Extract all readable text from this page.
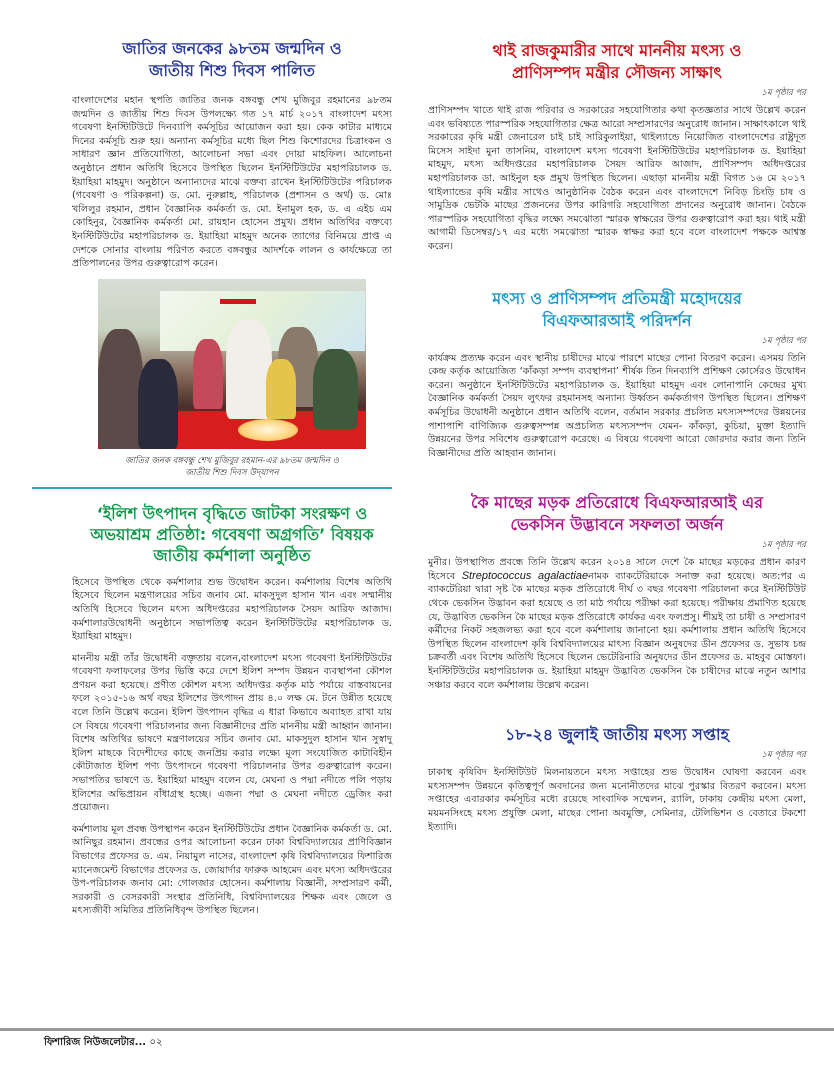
জাতির জনকের ৯৮তম জন্মদিন ও
জাতীয় শিশু দিবস পালিত

বাংলাদেশের মহান স্থপতি জাতির জনক বঙ্গবন্ধু শেখ মুজিবুর রহমানের ৯৮তম জন্মদিন ও জাতীয় শিশু দিবস উপলক্ষ্যে গত ১৭ মার্চ ২০১৭ বাংলাদেশ মৎস্য গবেষণা ইনস্টিটিউটে দিনব্যাপি কর্মসূচির আয়োজন করা হয়। কেক কাটার মাধ্যমে দিনের কর্মসূচি শুরু হয়। অন্যান্য কর্মসূচির মধ্যে ছিল শিশু কিশোরদের চিত্রাংকন ও সাধারণ জ্ঞান প্রতিযোগিতা, আলোচনা সভা এবং দোয়া মাহফিল। আলোচনা অনুষ্ঠানে প্রধান অতিথি হিসেবে উপস্থিত ছিলেন ইনস্টিটিউটের মহাপরিচালক ড. ইয়াহিয়া মাহমুদ। অনুষ্ঠানে অন্যান্যদের মাঝে বক্তব্য রাখেন ইনস্টিটিউটের পরিচালক (গবেষণা ও পরিকল্পনা) ড. মো. নুরুল্লাহ, পরিচালক (প্রশাসন ও অর্থ) ড. মোঃ খলিলুর রহমান, প্রধান বৈজ্ঞানিক কর্মকর্তা ড. মো. ইনামুল হক, ড. এ এইচ এম কোহিনুর, বৈজ্ঞানিক কর্মকর্তা মো. রায়হান হোসেন প্রমুখ। প্রধান অতিথির বক্তব্যে ইনস্টিটিউটের মহাপরিচালক ড. ইয়াহিয়া মাহমুদ অনেক ত্যাগের বিনিময়ে প্রাপ্ত এ দেশকে সোনার বাংলায় পরিণত করতে বঙ্গবন্ধুর আদর্শকে লালন ও কার্যক্ষেত্রে তা প্রতিপালনের উপর গুরুত্বারোপ করেন।

জাতির জনক বঙ্গবন্ধু শেখ মুজিবুর রহমান-এর ৯৮তম জন্মদিন ও
জাতীয় শিশু দিবস উদ্‌যাপন
‘ইলিশ উৎপাদন বৃদ্ধিতে জাটকা সংরক্ষণ ও
অভয়াশ্রম প্রতিষ্ঠা: গবেষণা অগ্রগতি’ বিষয়ক
জাতীয় কর্মশালা অনুষ্ঠিত

হিসেবে উপস্থিত থেকে কর্মশালার শুভ উদ্বোধন করেন। কর্মশালায় বিশেষ অতিথি হিসেবে ছিলেন মন্ত্রণালয়ের সচিব জনাব মো. মাকসুদুল হাসান খান এবং সম্মানীয় অতিথি হিসেবে ছিলেন মৎস্য অধিদপ্তরের মহাপরিচালক সৈয়দ আরিফ আজাদ। কর্মশালারউদ্বোধনী অনুষ্ঠানে সভাপতিত্ব করেন ইনস্টিটিউটের মহাপরিচালক ড. ইয়াহিয়া মাহমুদ।

মাননীয় মন্ত্রী তাঁর উদ্বোধনী বক্তৃতায় বলেন,বাংলাদেশ মৎস্য গবেষণা ইনস্টিটিউটের গবেষণা ফলাফলের উপর ভিত্তি করে দেশে ইলিশ সম্পদ উন্নয়ন ব্যবস্থাপনা কৌশল প্রণয়ন করা হয়েছে। প্রণীত কৌশল মৎস্য অধিদপ্তর কর্তৃক মাঠ পর্যায়ে বাস্তবায়নের ফলে ২০১৫-১৬ অর্থ বছর ইলিশের উৎপাদন প্রায় ৪.০ লক্ষ মে. টনে উন্নীত হয়েছে বলে তিনি উল্লেখ করেন। ইলিশ উৎপাদন বৃদ্ধির এ ধারা কিভাবে অব্যাহত রাখা যায় সে বিষয়ে গবেষণা পরিচালনার জন্য বিজ্ঞানীদের প্রতি মাননীয় মন্ত্রী আহ্বান জানান।বিশেষ অতিথির ভাষণে মন্ত্রণালয়ের সচিব জনাব মো. মাকসুদুল হাসান খান সুস্বাদু ইলিশ মাছকে বিদেশীদের কাছে জনপ্রিয় করার লক্ষ্যে মূল্য সংযোজিত কাটাবিহীন কৌটাজাত ইলিশ পণ্য উৎপাদনে গবেষণা পরিচালনার উপর গুরুত্বারোপ করেন। সভাপতির ভাষণে ড. ইয়াহিয়া মাহমুদ বলেন যে, মেঘনা ও পদ্মা নদীতে পলি পড়ায় ইলিশের অভিপ্রায়ন বাঁধাগ্রস্থ হচ্ছে। এজন্য পদ্মা ও মেঘনা নদীতে ড্রেজিং করা প্রয়োজন।

কর্মশালায় মূল প্রবন্ধ উপস্থাপন করেন ইনস্টিটিউটের প্রধান বৈজ্ঞানিক কর্মকর্তা ড. মো. আনিছুর রহমান। প্রবন্ধের ওপর আলোচনা করেন ঢাকা বিশ্ববিদ্যালয়ের প্রাণিবিজ্ঞান বিভাগের প্রফেসর ড. এম. নিয়ামুল নাসের, বাংলাদেশ কৃষি বিশ্ববিদ্যালয়ের ফিশারিজ ম্যানেজমেন্ট বিভাগের প্রফেসর ড. জোয়ার্দার ফারুক আহমেদ এবং মৎস্য অধিদপ্তরের উপ-পরিচালক জনাব মো: গোলজার হোসেন। কর্মশালায় বিজ্ঞানী, সম্প্রসারণ কর্মী, সরকারী ও বেসরকারী সংস্থার প্রতিনিধি, বিশ্ববিদ্যালয়ের শিক্ষক এবং জেলে ও মৎস্যজীবী সমিতির প্রতিনিধিবৃন্দ উপস্থিত ছিলেন।

থাই রাজকুমারীর সাথে মাননীয় মৎস্য ও
প্রাণিসম্পদ মন্ত্রীর সৌজন্য সাক্ষাৎ
১ম পৃষ্ঠার পর

প্রাণিসম্পদ খাতে থাই রাজ পরিবার ও সরকারের সহযোগিতার কথা কৃতজ্ঞতার সাথে উল্লেখ করেন এবং ভবিষ্যতে পারস্পরিক সহযোগিতার ক্ষেত্র আরো সম্প্রসারণের অনুরোধ জানান। সাক্ষাৎকালে থাই সরকারের কৃষি মন্ত্রী জেনারেল চাই চাই সারিকুলাইয়া, থাইল্যান্ডে নিয়োজিত বাংলাদেশের রাষ্ট্রদূত মিসেস সাইদা মুনা তাসনিম, বাংলাদেশ মৎস্য গবেষণা ইনস্টিটিউটের মহাপরিচালক ড. ইয়াহিয়া মাহমুদ, মৎস্য অধিদপ্তরের মহাপরিচালক সৈয়দ আরিফ আজাদ, প্রাণিসম্পদ অধিদপ্তরের মহাপরিচালক ডা. আইনুল হক প্রমুখ উপস্থিত ছিলেন। এছাড়া মাননীয় মন্ত্রী বিগত ১৬ মে ২০১৭ থাইল্যান্ডের কৃষি মন্ত্রীর সাথেও আনুষ্ঠানিক বৈঠক করেন এবং বাংলাদেশে নিবিড় চিংড়ি চাষ ও সামুদ্রিক ভেটকি মাছের প্রজননের উপর কারিগরি সহযোগিতা প্রদানের অনুরোধ জানান। বৈঠকে পারস্পরিক সহযোগিতা বৃদ্ধির লক্ষ্যে সমঝোতা স্মারক স্বাক্ষরের উপর গুরুত্বারোপ করা হয়। থাই মন্ত্রী আগামী ডিসেম্বর/১৭ এর মধ্যে সমঝোতা স্মারক স্বাক্ষর করা হবে বলে বাংলাদেশ পক্ষকে আশ্বস্ত করেন।

মৎস্য ও প্রাণিসম্পদ প্রতিমন্ত্রী মহোদয়ের
বিএফআরআই পরিদর্শন
১ম পৃষ্ঠার পর

কার্যক্রম প্রত্যক্ষ করেন এবং স্থানীয় চাষীদের মাঝে পারশে মাছের পোনা বিতরণ করেন। এসময় তিনি কেন্দ্র কর্তৃক আয়োজিত ‘কাঁকড়া সম্পদ ব্যবস্থাপনা’ শীর্ষক তিন দিনব্যাপি প্রশিক্ষণ কোর্সেরও উদ্বোধন করেন। অনুষ্ঠানে ইনস্টিটিউটের মহাপরিচালক ড. ইয়াহিয়া মাহমুদ এবং লোনাপানি কেন্দ্রের মুখ্য বৈজ্ঞানিক কর্মকর্তা সৈয়দ লুৎফর রহমানসহ অন্যান্য উর্ধ্বতন কর্মকর্তাগণ উপস্থিত ছিলেন। প্রশিক্ষণ কর্মসূচির উদ্বোধনী অনুষ্ঠানে প্রধান অতিথি বলেন, বর্তমান সরকার প্রচলিত মৎস্যসম্পদের উন্নয়নের পাশাপাশি বাণিজ্যিক গুরুত্বসম্পন্ন অপ্রচলিত মৎস্যসম্পদ যেমন- কাঁকড়া, কুচিয়া, মুক্তা ইত্যাদি উন্নয়নের উপর সবিশেষ গুরুত্বারোপ করেছে। এ বিষয়ে গবেষণা আরো জোরদার করার জন্য তিনি বিজ্ঞানীদের প্রতি আহবান জানান।

কৈ মাছের মড়ক প্রতিরোধে বিএফআরআই এর
ভেকসিন উদ্ভাবনে সফলতা অর্জন
১ম পৃষ্ঠার পর

মুনীর। উপস্থাপিত প্রবন্ধে তিনি উল্লেখ করেন ২০১৪ সালে দেশে কৈ মাছের মড়কের প্রধান কারণ হিসেবে Streptococcus agalactiaeনামক ব্যাকটেরিয়াকে সনাক্ত করা হয়েছে। অত:পর এ ব্যাকটেরিয়া দ্বারা সৃষ্ট কৈ মাছের মড়ক প্রতিরোধে দীর্ঘ ৩ বছর গবেষণা পরিচালনা করে ইনস্টিটিউট থেকে ভেকসিন উদ্ভাবন করা হয়েছে ও তা মাঠ পর্যায়ে পরীক্ষা করা হয়েছে। পরীক্ষায় প্রমাণিত হয়েছে যে, উদ্ভাবিত ভেকসিন কৈ মাছের মড়ক প্রতিরোধে কার্যকর এবং ফলপ্রসু। শীঘ্রই তা চাষী ও সম্প্রসারণ কর্মীদের নিকট সহজলভ্য করা হবে বলে কর্মশালায় জানানো হয়। কর্মশালায় প্রধান অতিথি হিসেবে উপস্থিত ছিলেন বাংলাদেশ কৃষি বিশ্ববিদ্যালয়ের মাৎস্য বিজ্ঞান অনুষদের ডীন প্রফেসর ড. সুভাষ চন্দ্র চক্রবর্তী এবং বিশেষ অতিথি হিসেবে ছিলেন ভেটেরিনারি অনুষদের ডীন প্রফেসর ড. মাহবুব মোস্তফা। ইনস্টিটিউটের মহাপরিচালক ড. ইয়াহিয়া মাহমুদ উদ্ভাবিত ভেকসিন কৈ চাষীদের মাঝে নতুন আশার সঞ্চার করবে বলে কর্মশালায় উল্লেখ করেন।

১৮-২৪ জুলাই জাতীয় মৎস্য সপ্তাহ
১ম পৃষ্ঠার পর

ঢাকাস্থ কৃষিবিদ ইনস্টিটিউট মিলনায়তনে মৎস্য সপ্তাহের শুভ উদ্বোধন ঘোষণা করবেন এবং মৎস্যসম্পদ উন্নয়নে কৃতিত্বপূর্ণ অবদানের জন্য মনোনীতদের মাঝে পুরস্কার বিতরণ করবেন। মৎস্য সপ্তাহের এবারকার কর্মসূচির মধ্যে রয়েছে সাংবাদিক সম্মেলন, র‌্যালি, ঢাকায় কেন্দ্রীয় মৎস্য মেলা, ময়মনসিংহে মৎস্য প্রযুক্তি মেলা, মাছের পোনা অবমুক্তি, সেমিনার, টেলিভিশন ও বেতারে টকশো ইত্যাদি।

ফিশারিজ নিউজলেটার... ০২
